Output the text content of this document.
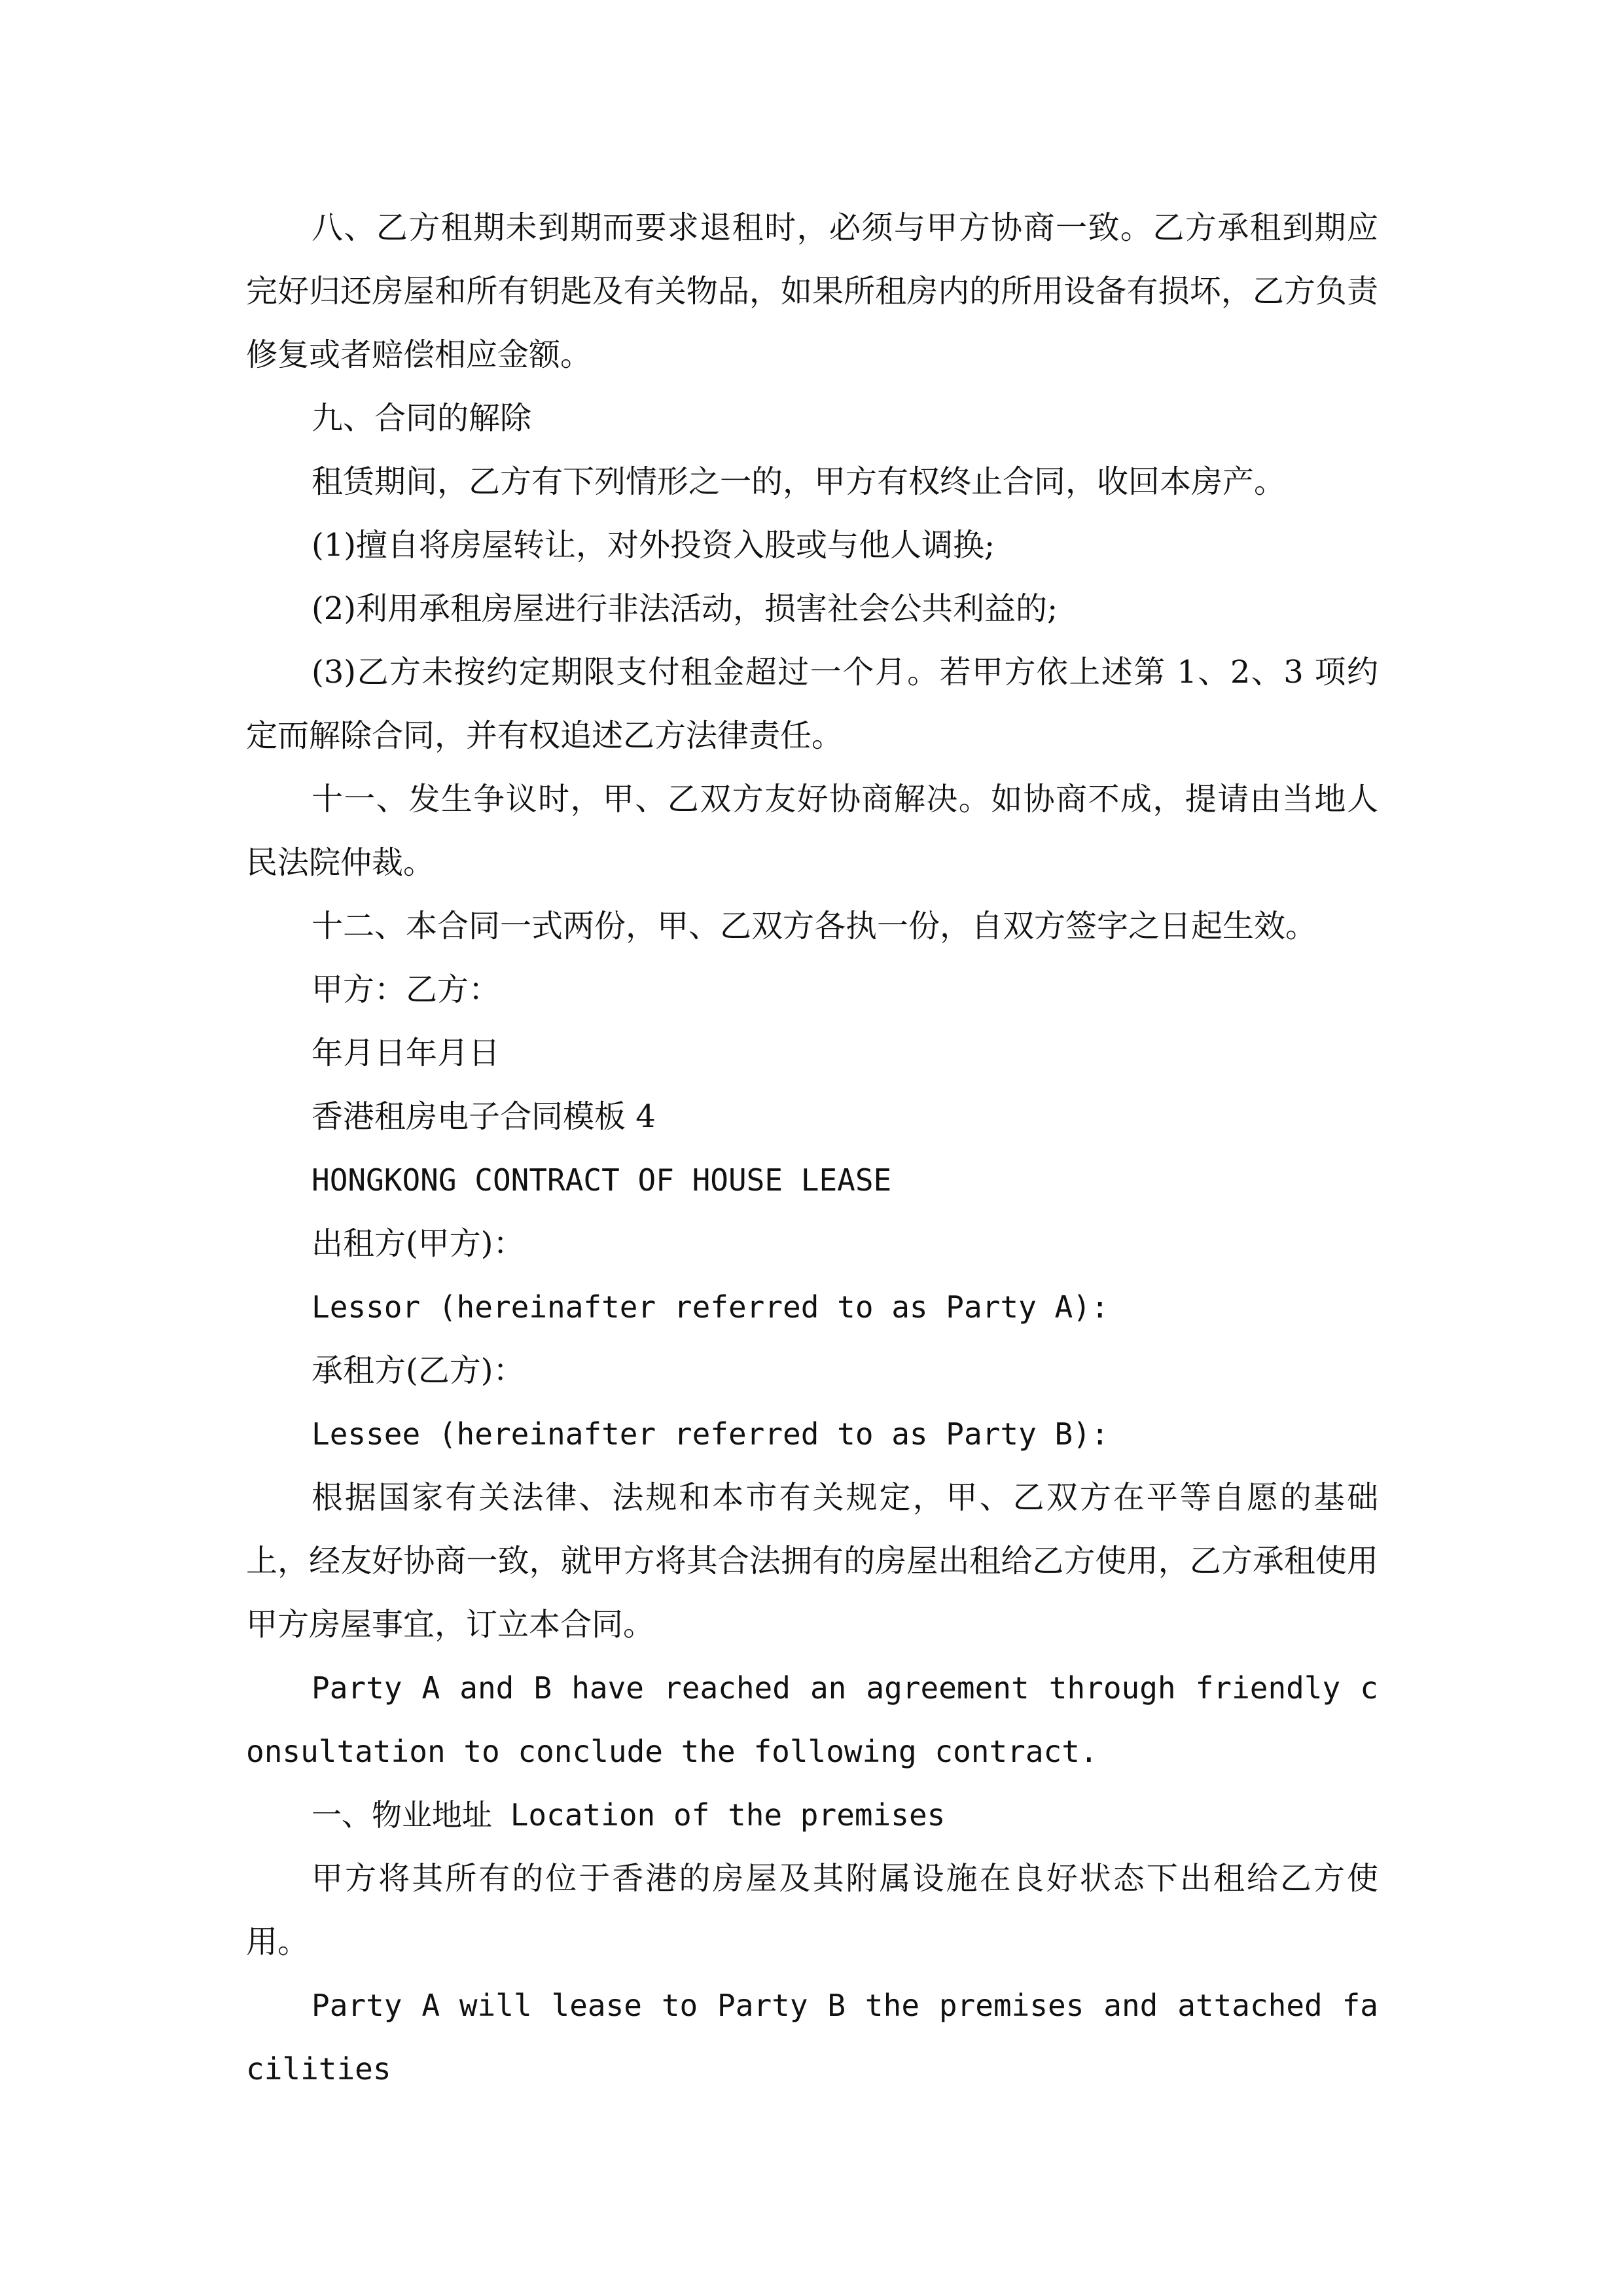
八、乙方租期未到期而要求退租时，必须与甲方协商一致。乙方承租到期应完好归还房屋和所有钥匙及有关物品，如果所租房内的所用设备有损坏，乙方负责修复或者赔偿相应金额。

九、合同的解除

租赁期间，乙方有下列情形之一的，甲方有权终止合同，收回本房产。

(1)擅自将房屋转让，对外投资入股或与他人调换;

(2)利用承租房屋进行非法活动，损害社会公共利益的;

(3)乙方未按约定期限支付租金超过一个月。若甲方依上述第 1、2、3 项约定而解除合同，并有权追述乙方法律责任。

十一、发生争议时，甲、乙双方友好协商解决。如协商不成，提请由当地人民法院仲裁。

十二、本合同一式两份，甲、乙双方各执一份，自双方签字之日起生效。

甲方：乙方：

年月日年月日

香港租房电子合同模板 4

HONGKONG CONTRACT OF HOUSE LEASE

出租方(甲方)：

Lessor (hereinafter referred to as Party A):

承租方(乙方)：

Lessee (hereinafter referred to as Party B):

根据国家有关法律、法规和本市有关规定，甲、乙双方在平等自愿的基础上，经友好协商一致，就甲方将其合法拥有的房屋出租给乙方使用，乙方承租使用甲方房屋事宜，订立本合同。

Party A and B have reached an agreement through friendly consultation to conclude the following contract.

一、物业地址 Location of the premises

甲方将其所有的位于香港的房屋及其附属设施在良好状态下出租给乙方使用。

Party A will lease to Party B the premises and attached facilities
